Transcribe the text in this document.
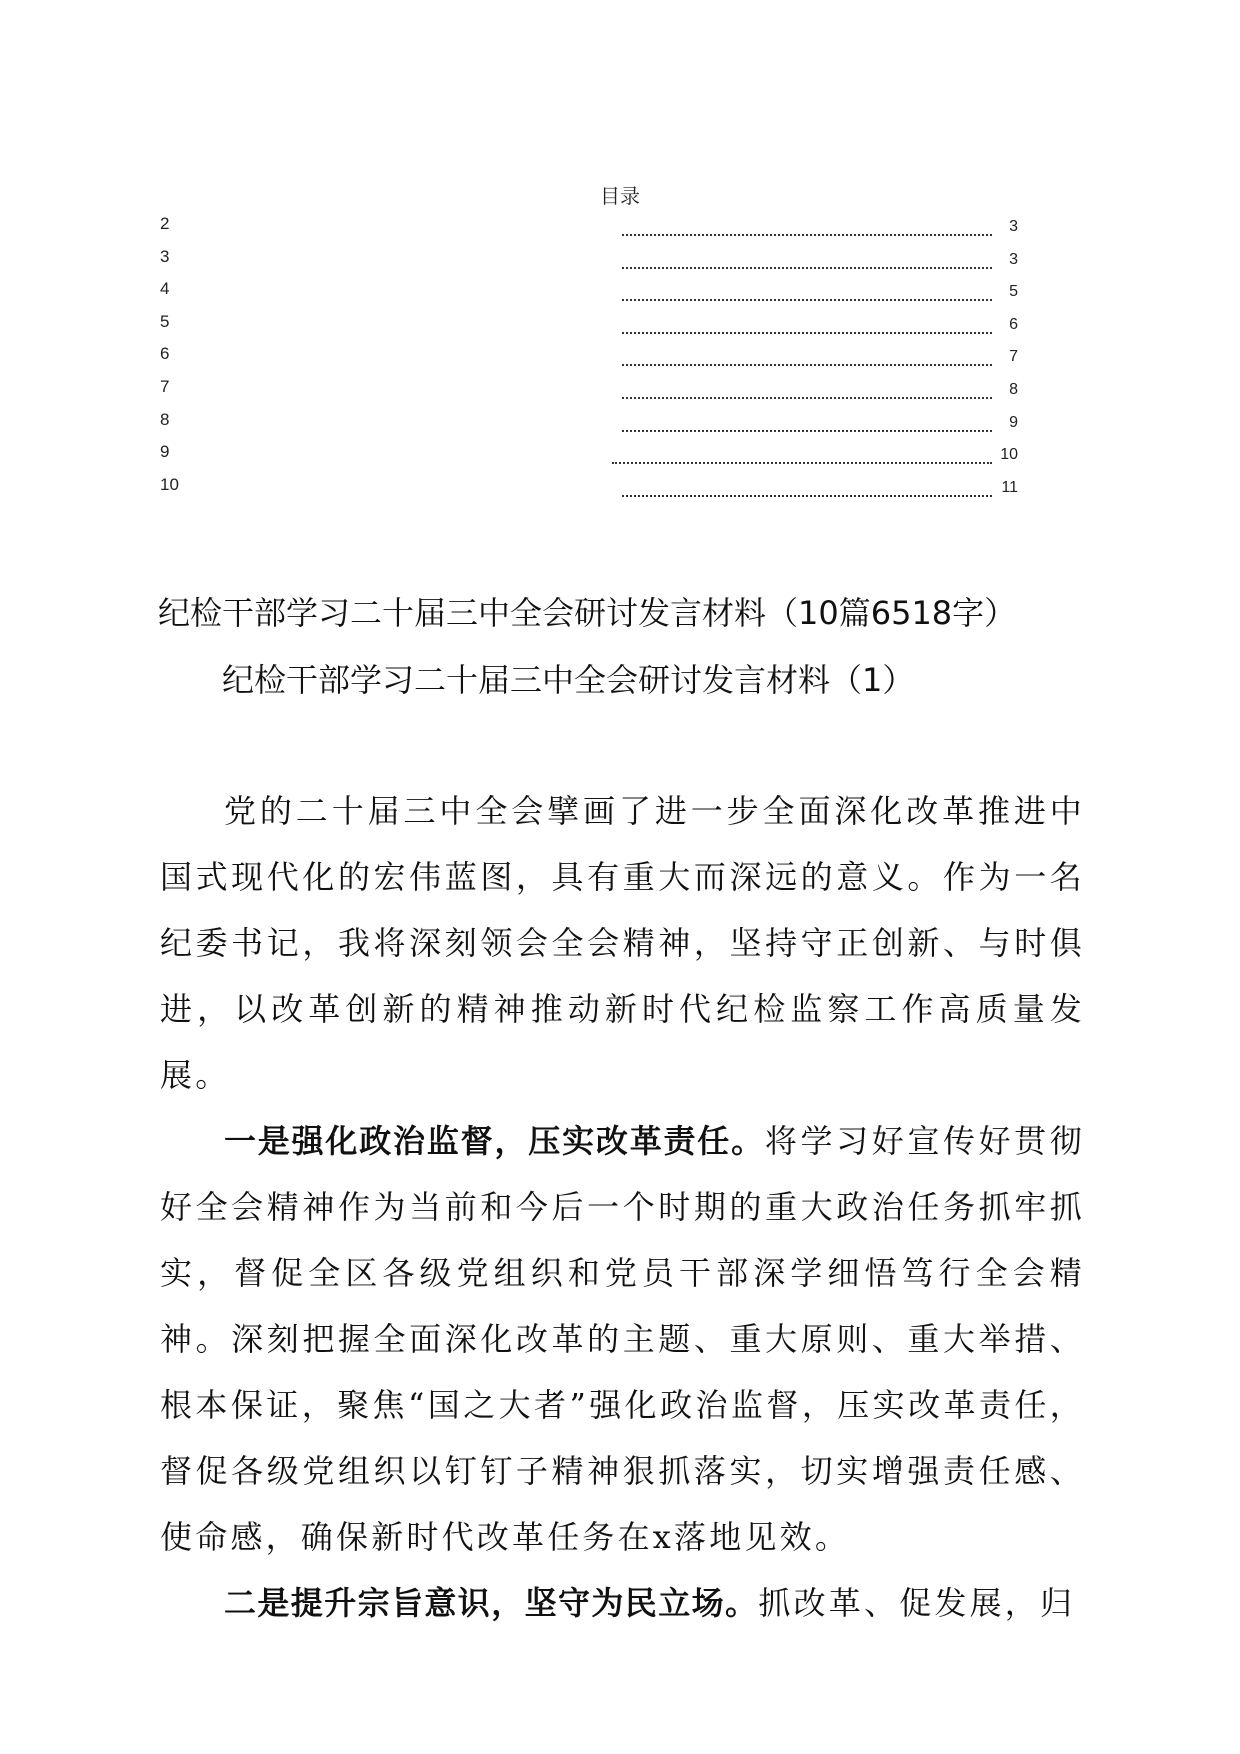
目录
2	3
3	3
4	5
5	6
6	7
7	8
8	9
9	10
10	11
纪检干部学习二十届三中全会研讨发言材料（10篇6518字）
纪检干部学习二十届三中全会研讨发言材料（1）

党的二十届三中全会擘画了进一步全面深化改革推进中国式现代化的宏伟蓝图，具有重大而深远的意义。作为一名纪委书记，我将深刻领会全会精神，坚持守正创新、与时俱进，以改革创新的精神推动新时代纪检监察工作高质量发展。

一是强化政治监督，压实改革责任。将学习好宣传好贯彻好全会精神作为当前和今后一个时期的重大政治任务抓牢抓实，督促全区各级党组织和党员干部深学细悟笃行全会精神。深刻把握全面深化改革的主题、重大原则、重大举措、根本保证，聚焦“国之大者”强化政治监督，压实改革责任，督促各级党组织以钉钉子精神狠抓落实，切实增强责任感、使命感，确保新时代改革任务在x落地见效。

二是提升宗旨意识，坚守为民立场。抓改革、促发展，归
